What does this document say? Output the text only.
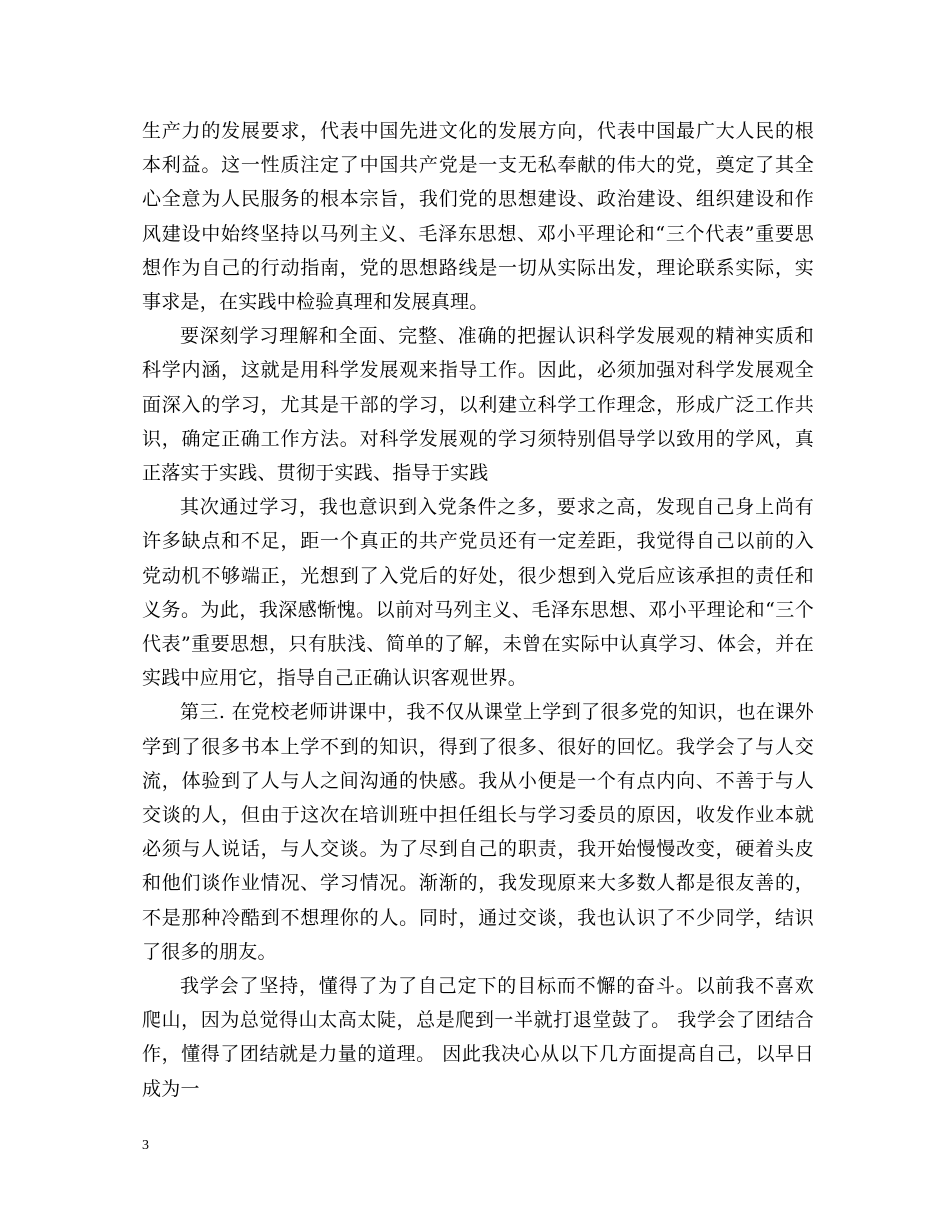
生产力的发展要求，代表中国先进文化的发展方向，代表中国最广大人民的根本利益。这一性质注定了中国共产党是一支无私奉献的伟大的党，奠定了其全心全意为人民服务的根本宗旨，我们党的思想建设、政治建设、组织建设和作风建设中始终坚持以马列主义、毛泽东思想、邓小平理论和“三个代表”重要思想作为自己的行动指南，党的思想路线是一切从实际出发，理论联系实际，实事求是，在实践中检验真理和发展真理。

要深刻学习理解和全面、完整、准确的把握认识科学发展观的精神实质和科学内涵，这就是用科学发展观来指导工作。因此，必须加强对科学发展观全面深入的学习，尤其是干部的学习，以利建立科学工作理念，形成广泛工作共识，确定正确工作方法。对科学发展观的学习须特别倡导学以致用的学风，真正落实于实践、贯彻于实践、指导于实践

其次通过学习，我也意识到入党条件之多，要求之高，发现自己身上尚有许多缺点和不足，距一个真正的共产党员还有一定差距，我觉得自己以前的入党动机不够端正，光想到了入党后的好处，很少想到入党后应该承担的责任和义务。为此，我深感惭愧。以前对马列主义、毛泽东思想、邓小平理论和“三个代表”重要思想，只有肤浅、简单的了解，未曾在实际中认真学习、体会，并在实践中应用它，指导自己正确认识客观世界。

第三. 在党校老师讲课中，我不仅从课堂上学到了很多党的知识，也在课外学到了很多书本上学不到的知识，得到了很多、很好的回忆。我学会了与人交流，体验到了人与人之间沟通的快感。我从小便是一个有点内向、不善于与人交谈的人，但由于这次在培训班中担任组长与学习委员的原因，收发作业本就必须与人说话，与人交谈。为了尽到自己的职责，我开始慢慢改变，硬着头皮和他们谈作业情况、学习情况。渐渐的，我发现原来大多数人都是很友善的，不是那种冷酷到不想理你的人。同时，通过交谈，我也认识了不少同学，结识了很多的朋友。

我学会了坚持，懂得了为了自己定下的目标而不懈的奋斗。以前我不喜欢爬山，因为总觉得山太高太陡，总是爬到一半就打退堂鼓了。 我学会了团结合作，懂得了团结就是力量的道理。 因此我决心从以下几方面提高自己，以早日成为一

3
